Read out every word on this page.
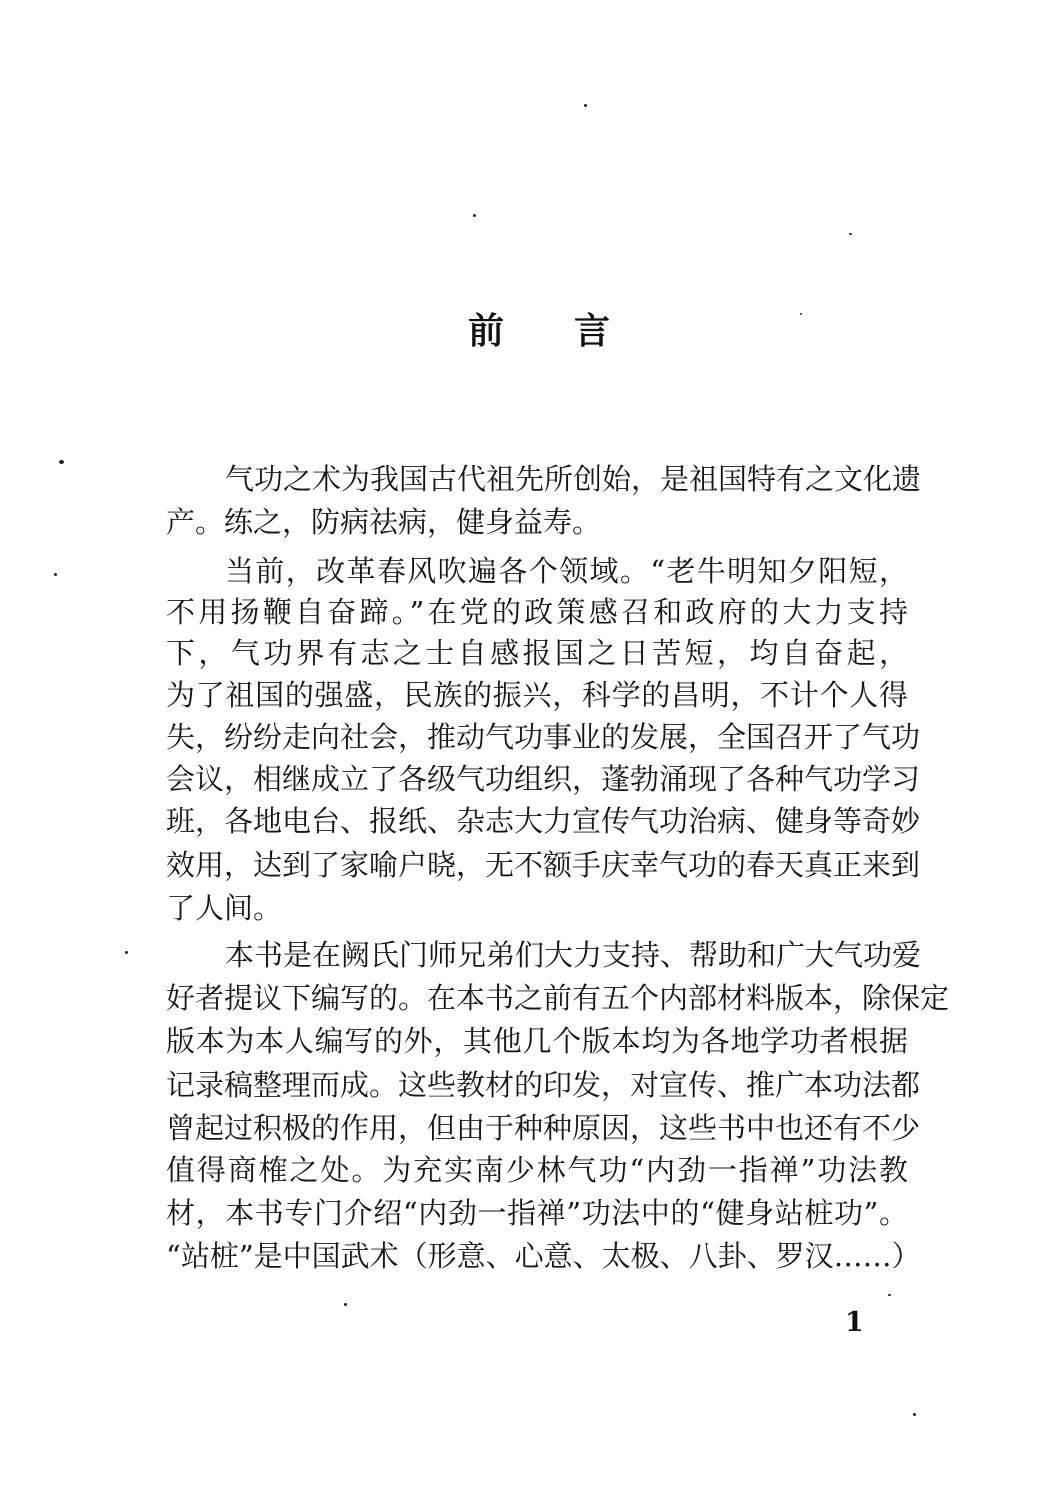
前言
气功之术为我国古代祖先所创始，是祖国特有之文化遗
产。练之，防病祛病，健身益寿。
当前，改革春风吹遍各个领域。“老牛明知夕阳短，
不用扬鞭自奋蹄。”在党的政策感召和政府的大力支持
下，气功界有志之士自感报国之日苦短，均自奋起，
为了祖国的强盛，民族的振兴，科学的昌明，不计个人得
失，纷纷走向社会，推动气功事业的发展，全国召开了气功
会议，相继成立了各级气功组织，蓬勃涌现了各种气功学习
班，各地电台、报纸、杂志大力宣传气功治病、健身等奇妙
效用，达到了家喻户晓，无不额手庆幸气功的春天真正来到
了人间。
本书是在阙氏门师兄弟们大力支持、帮助和广大气功爱
好者提议下编写的。在本书之前有五个内部材料版本，除保定
版本为本人编写的外，其他几个版本均为各地学功者根据
记录稿整理而成。这些教材的印发，对宣传、推广本功法都
曾起过积极的作用，但由于种种原因，这些书中也还有不少
值得商榷之处。为充实南少林气功“内劲一指禅”功法教
材，本书专门介绍“内劲一指禅”功法中的“健身站桩功”。
“站桩”是中国武术（形意、心意、太极、八卦、罗汉……）
1
